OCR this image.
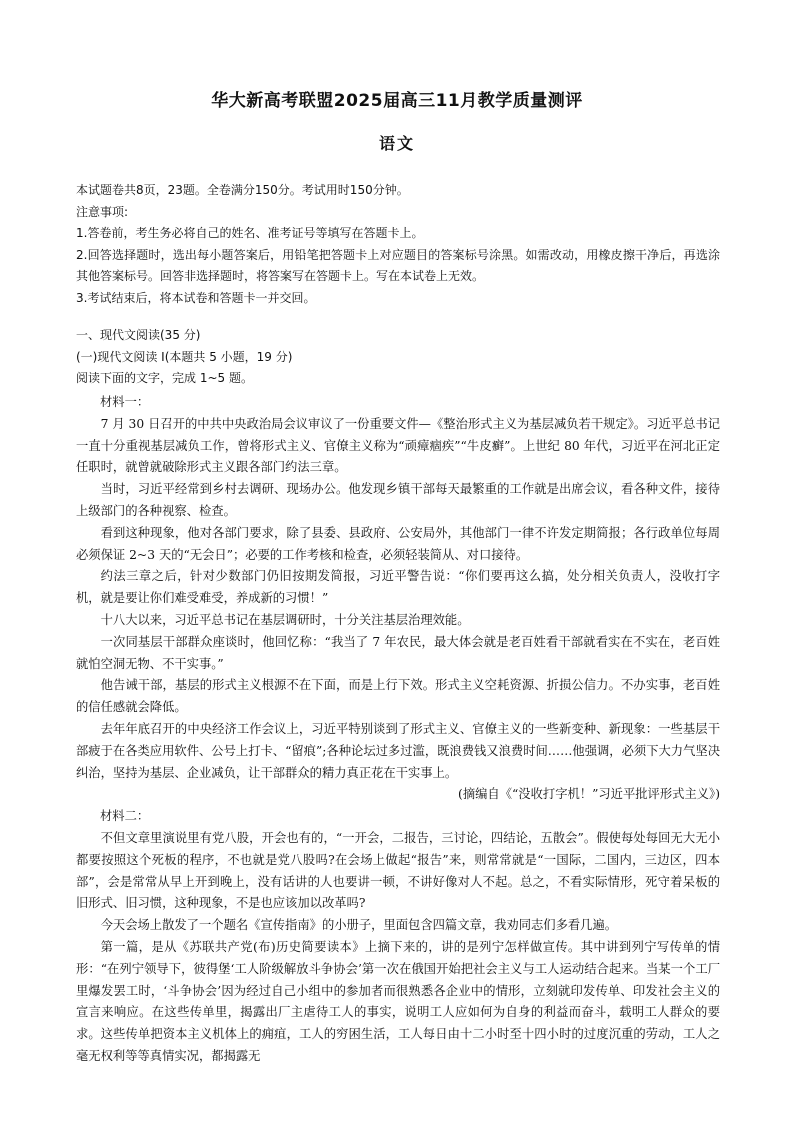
华大新高考联盟2025届高三11月教学质量测评
语文

本试题卷共8页，23题。全卷满分150分。考试用时150分钟。

注意事项:

1.答卷前，考生务必将自己的姓名、准考证号等填写在答题卡上。

2.回答选择题时，选出每小题答案后，用铅笔把答题卡上对应题目的答案标号涂黑。如需改动，用橡皮擦干净后，再选涂其他答案标号。回答非选择题时，将答案写在答题卡上。写在本试卷上无效。

3.考试结束后，将本试卷和答题卡一并交回。

一、现代文阅读(35 分)
(一)现代文阅读 I(本题共 5 小题，19 分)
阅读下面的文字，完成 1~5 题。
材料一：

7 月 30 日召开的中共中央政治局会议审议了一份重要文件—《整治形式主义为基层减负若干规定》。习近平总书记一直十分重视基层减负工作，曾将形式主义、官僚主义称为“顽瘴痼疾”“牛皮癣”。上世纪 80 年代，习近平在河北正定任职时，就曾就破除形式主义跟各部门约法三章。

当时，习近平经常到乡村去调研、现场办公。他发现乡镇干部每天最繁重的工作就是出席会议，看各种文件，接待上级部门的各种视察、检查。

看到这种现象，他对各部门要求，除了县委、县政府、公安局外，其他部门一律不许发定期简报；各行政单位每周必须保证 2~3 天的“无会日”；必要的工作考核和检查，必须轻装简从、对口接待。

约法三章之后，针对少数部门仍旧按期发简报，习近平警告说：“你们要再这么搞，处分相关负责人，没收打字机，就是要让你们难受难受，养成新的习惯！”

十八大以来，习近平总书记在基层调研时，十分关注基层治理效能。

一次同基层干部群众座谈时，他回忆称：“我当了 7 年农民，最大体会就是老百姓看干部就看实在不实在，老百姓就怕空洞无物、不干实事。”

他告诫干部，基层的形式主义根源不在下面，而是上行下效。形式主义空耗资源、折损公信力。不办实事，老百姓的信任感就会降低。

去年年底召开的中央经济工作会议上，习近平特别谈到了形式主义、官僚主义的一些新变种、新现象：一些基层干部疲于在各类应用软件、公号上打卡、“留痕”;各种论坛过多过滥，既浪费钱又浪费时间……他强调，必须下大力气坚决纠治，坚持为基层、企业减负，让干部群众的精力真正花在干实事上。

(摘编自《“没收打字机！”习近平批评形式主义》)
材料二：

不但文章里演说里有党八股，开会也有的，“一开会，二报告，三讨论，四结论，五散会”。假使每处每回无大无小都要按照这个死板的程序，不也就是党八股吗?在会场上做起“报告”来，则常常就是“一国际，二国内，三边区，四本部”，会是常常从早上开到晚上，没有话讲的人也要讲一顿，不讲好像对人不起。总之，不看实际情形，死守着呆板的旧形式、旧习惯，这种现象，不是也应该加以改革吗?

今天会场上散发了一个题名《宣传指南》的小册子，里面包含四篇文章，我劝同志们多看几遍。

第一篇，是从《苏联共产党(布)历史简要读本》上摘下来的，讲的是列宁怎样做宣传。其中讲到列宁写传单的情形：“在列宁领导下，彼得堡‘工人阶级解放斗争协会’第一次在俄国开始把社会主义与工人运动结合起来。当某一个工厂里爆发罢工时，‘斗争协会’因为经过自己小组中的参加者而很熟悉各企业中的情形，立刻就印发传单、印发社会主义的宣言来响应。在这些传单里，揭露出厂主虐待工人的事实，说明工人应如何为自身的利益而奋斗，载明工人群众的要求。这些传单把资本主义机体上的痈疽，工人的穷困生活，工人每日由十二小时至十四小时的过度沉重的劳动，工人之毫无权利等等真情实况，都揭露无
